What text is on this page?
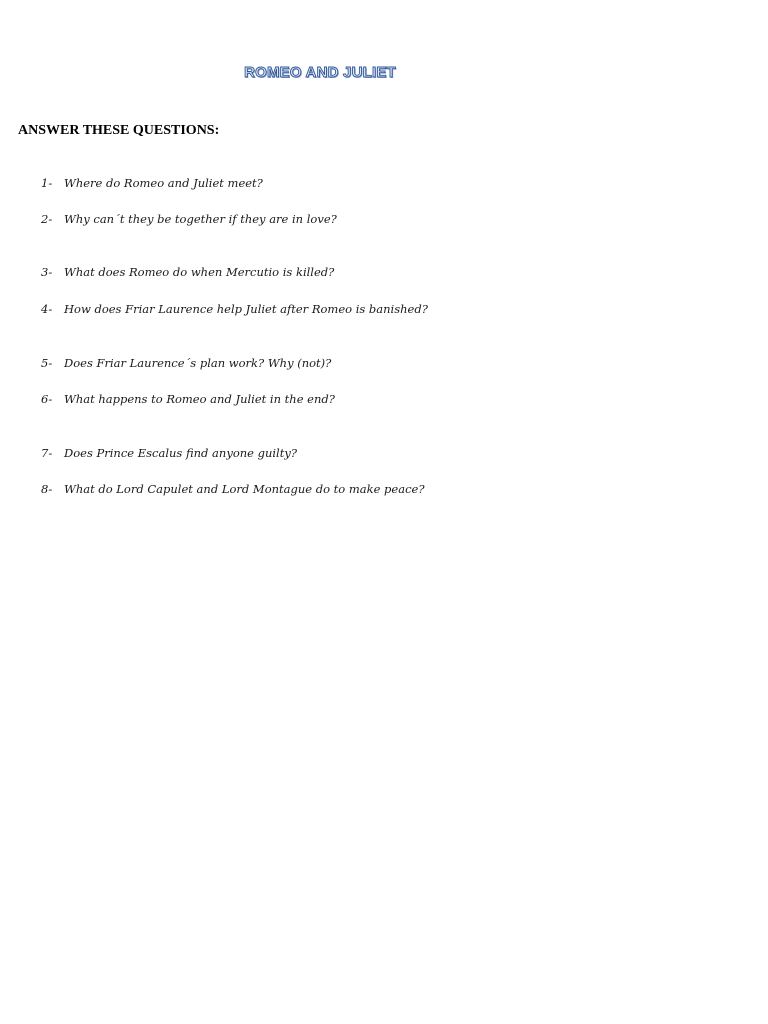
ROMEO AND JULIET
ANSWER THESE QUESTIONS:
1- Where do Romeo and Juliet meet?
2- Why can´t they be together if they are in love?
3- What does Romeo do when Mercutio is killed?
4- How does Friar Laurence help Juliet after Romeo is banished?
5- Does Friar Laurence´s plan work? Why (not)?
6- What happens to Romeo and Juliet in the end?
7- Does Prince Escalus find anyone guilty?
8- What do Lord Capulet and Lord Montague do to make peace?
